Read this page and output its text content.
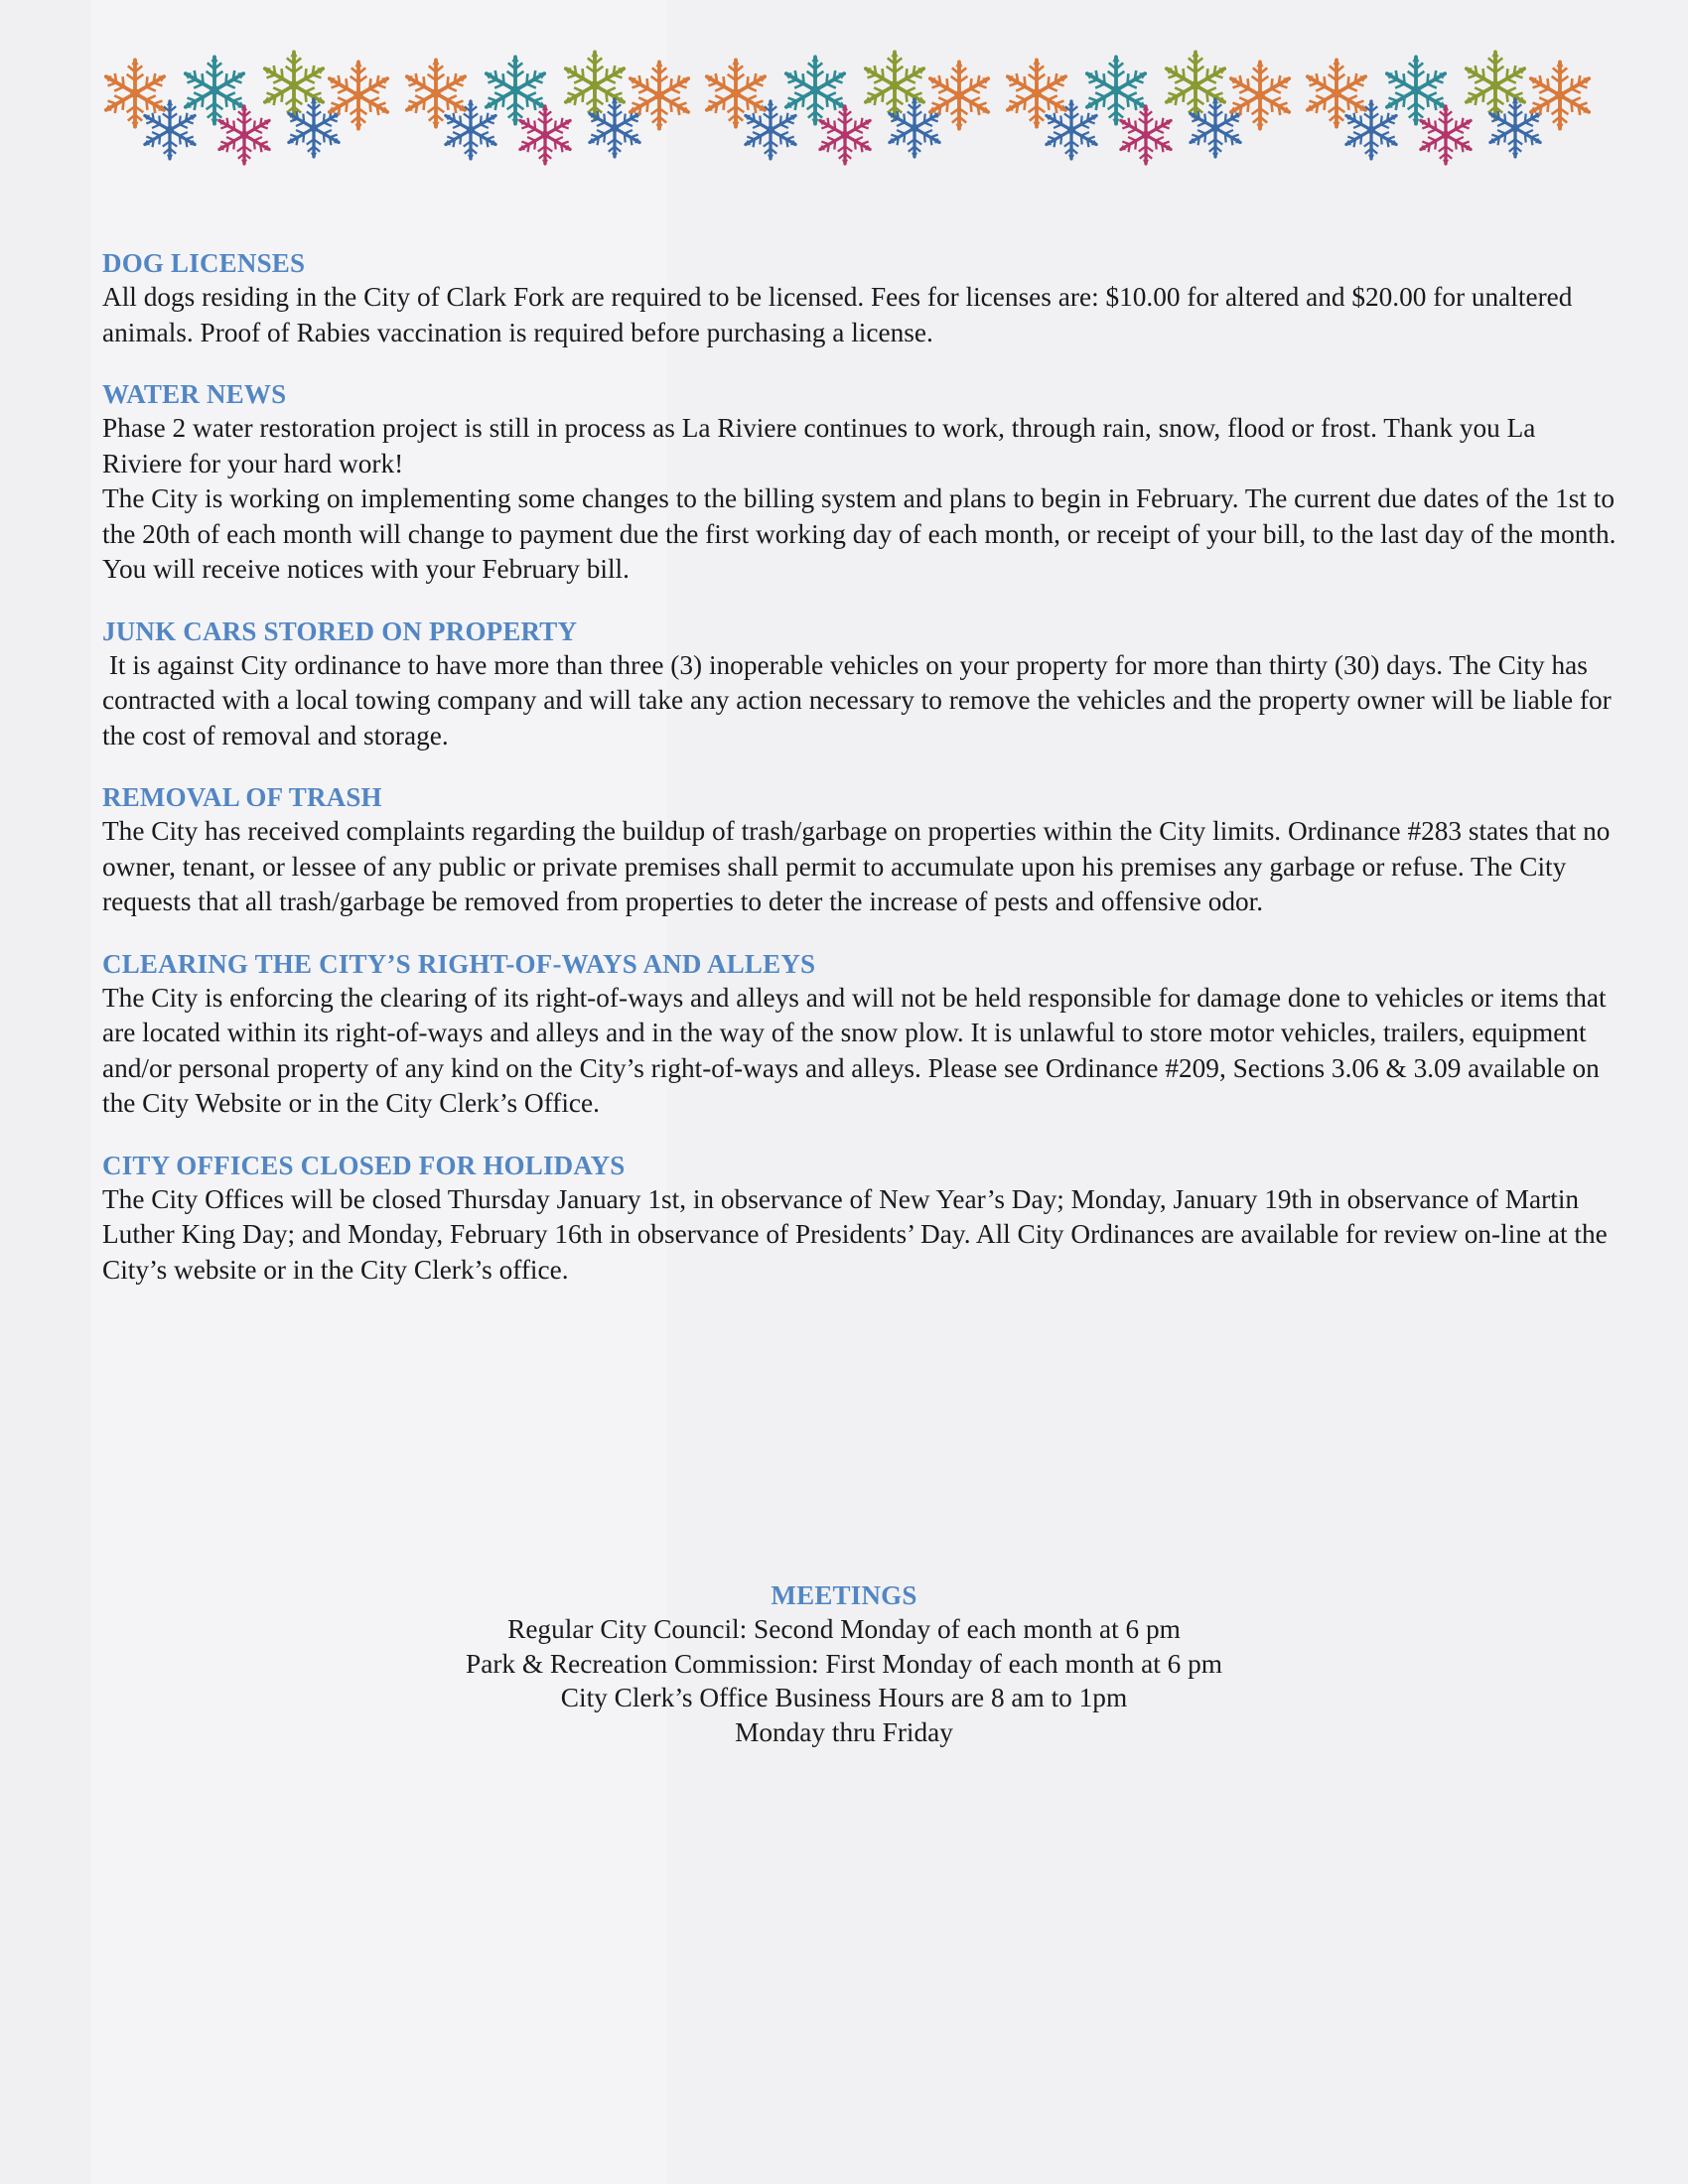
DOG LICENSES

All dogs residing in the City of Clark Fork are required to be licensed. Fees for licenses are: $10.00 for altered and $20.00 for unaltered animals. Proof of Rabies vaccination is required before purchasing a license.

WATER NEWS

Phase 2 water restoration project is still in process as La Riviere continues to work, through rain, snow, flood or frost. Thank you La Riviere for your hard work!

The City is working on implementing some changes to the billing system and plans to begin in February. The current due dates of the 1st to the 20th of each month will change to payment due the first working day of each month, or receipt of your bill, to the last day of the month. You will receive notices with your February bill.

JUNK CARS STORED ON PROPERTY

It is against City ordinance to have more than three (3) inoperable vehicles on your property for more than thirty (30) days. The City has contracted with a local towing company and will take any action necessary to remove the vehicles and the property owner will be liable for the cost of removal and storage.

REMOVAL OF TRASH

The City has received complaints regarding the buildup of trash/garbage on properties within the City limits. Ordinance #283 states that no owner, tenant, or lessee of any public or private premises shall permit to accumulate upon his premises any garbage or refuse. The City requests that all trash/garbage be removed from properties to deter the increase of pests and offensive odor.

CLEARING THE CITY’S RIGHT-OF-WAYS AND ALLEYS

The City is enforcing the clearing of its right-of-ways and alleys and will not be held responsible for damage done to vehicles or items that are located within its right-of-ways and alleys and in the way of the snow plow. It is unlawful to store motor vehicles, trailers, equipment and/or personal property of any kind on the City’s right-of-ways and alleys. Please see Ordinance #209, Sections 3.06 & 3.09 available on the City Website or in the City Clerk’s Office.

CITY OFFICES CLOSED FOR HOLIDAYS

The City Offices will be closed Thursday January 1st, in observance of New Year’s Day; Monday, January 19th in observance of Martin Luther King Day; and Monday, February 16th in observance of Presidents’ Day. All City Ordinances are available for review on-line at the City’s website or in the City Clerk’s office.

MEETINGS
Regular City Council: Second Monday of each month at 6 pm
Park & Recreation Commission: First Monday of each month at 6 pm
City Clerk’s Office Business Hours are 8 am to 1pm
Monday thru Friday
